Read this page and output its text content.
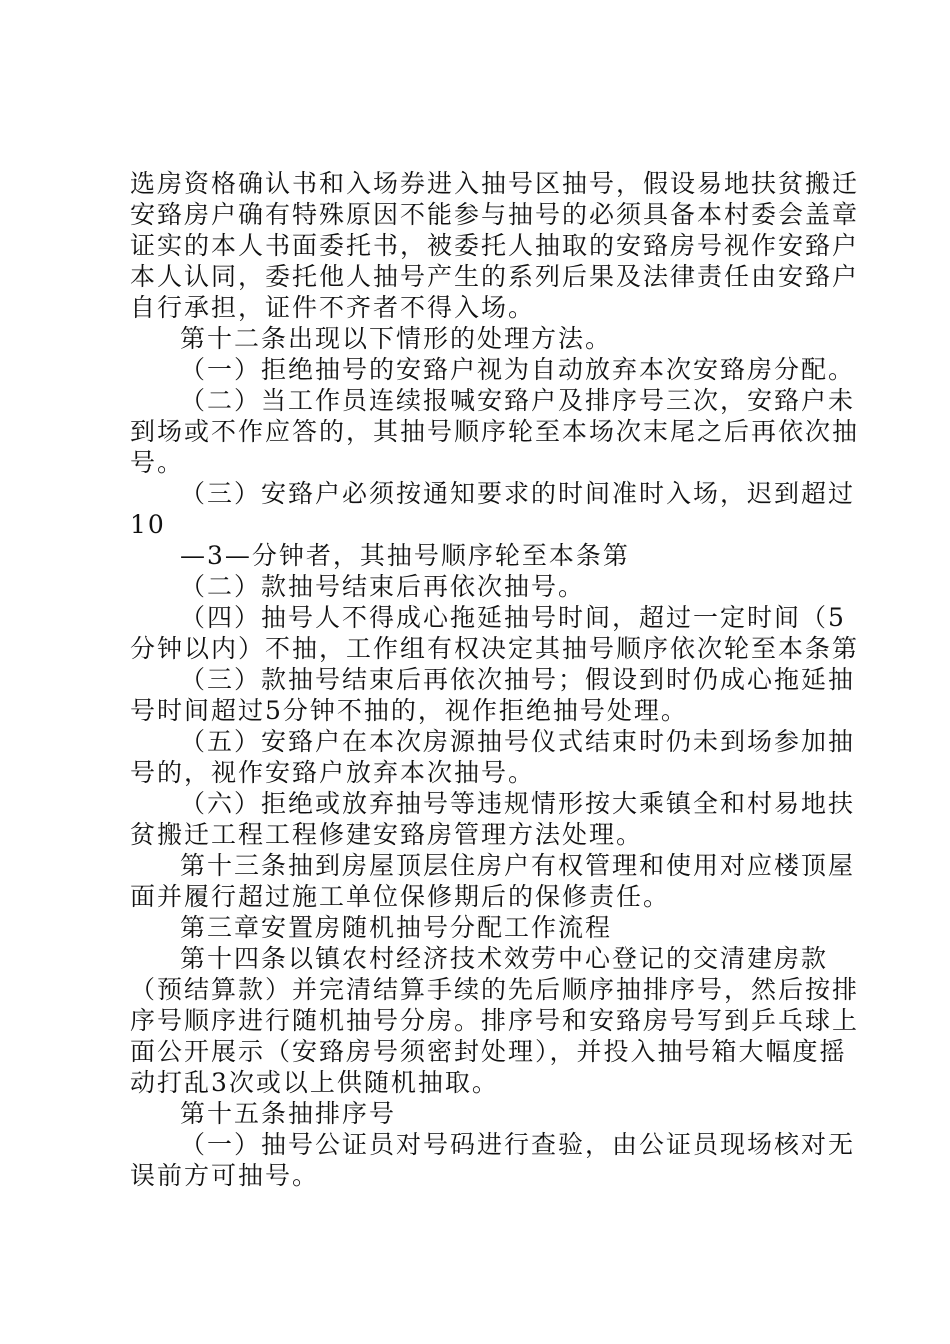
选房资格确认书和入场券进入抽号区抽号，假设易地扶贫搬迁
安臵房户确有特殊原因不能参与抽号的必须具备本村委会盖章
证实的本人书面委托书，被委托人抽取的安臵房号视作安臵户
本人认同，委托他人抽号产生的系列后果及法律责任由安臵户
自行承担，证件不齐者不得入场。
第十二条出现以下情形的处理方法。
（一）拒绝抽号的安臵户视为自动放弃本次安臵房分配。
（二）当工作员连续报喊安臵户及排序号三次，安臵户未
到场或不作应答的，其抽号顺序轮至本场次末尾之后再依次抽
号。
（三）安臵户必须按通知要求的时间准时入场，迟到超过
10
—3—分钟者，其抽号顺序轮至本条第
（二）款抽号结束后再依次抽号。
（四）抽号人不得成心拖延抽号时间，超过一定时间（5
分钟以内）不抽，工作组有权决定其抽号顺序依次轮至本条第
（三）款抽号结束后再依次抽号；假设到时仍成心拖延抽
号时间超过5分钟不抽的，视作拒绝抽号处理。
（五）安臵户在本次房源抽号仪式结束时仍未到场参加抽
号的，视作安臵户放弃本次抽号。
（六）拒绝或放弃抽号等违规情形按大乘镇全和村易地扶
贫搬迁工程工程修建安臵房管理方法处理。
第十三条抽到房屋顶层住房户有权管理和使用对应楼顶屋
面并履行超过施工单位保修期后的保修责任。
第三章安置房随机抽号分配工作流程
第十四条以镇农村经济技术效劳中心登记的交清建房款
（预结算款）并完清结算手续的先后顺序抽排序号，然后按排
序号顺序进行随机抽号分房。排序号和安臵房号写到乒乓球上
面公开展示（安臵房号须密封处理），并投入抽号箱大幅度摇
动打乱3次或以上供随机抽取。
第十五条抽排序号
（一）抽号公证员对号码进行查验，由公证员现场核对无
误前方可抽号。
